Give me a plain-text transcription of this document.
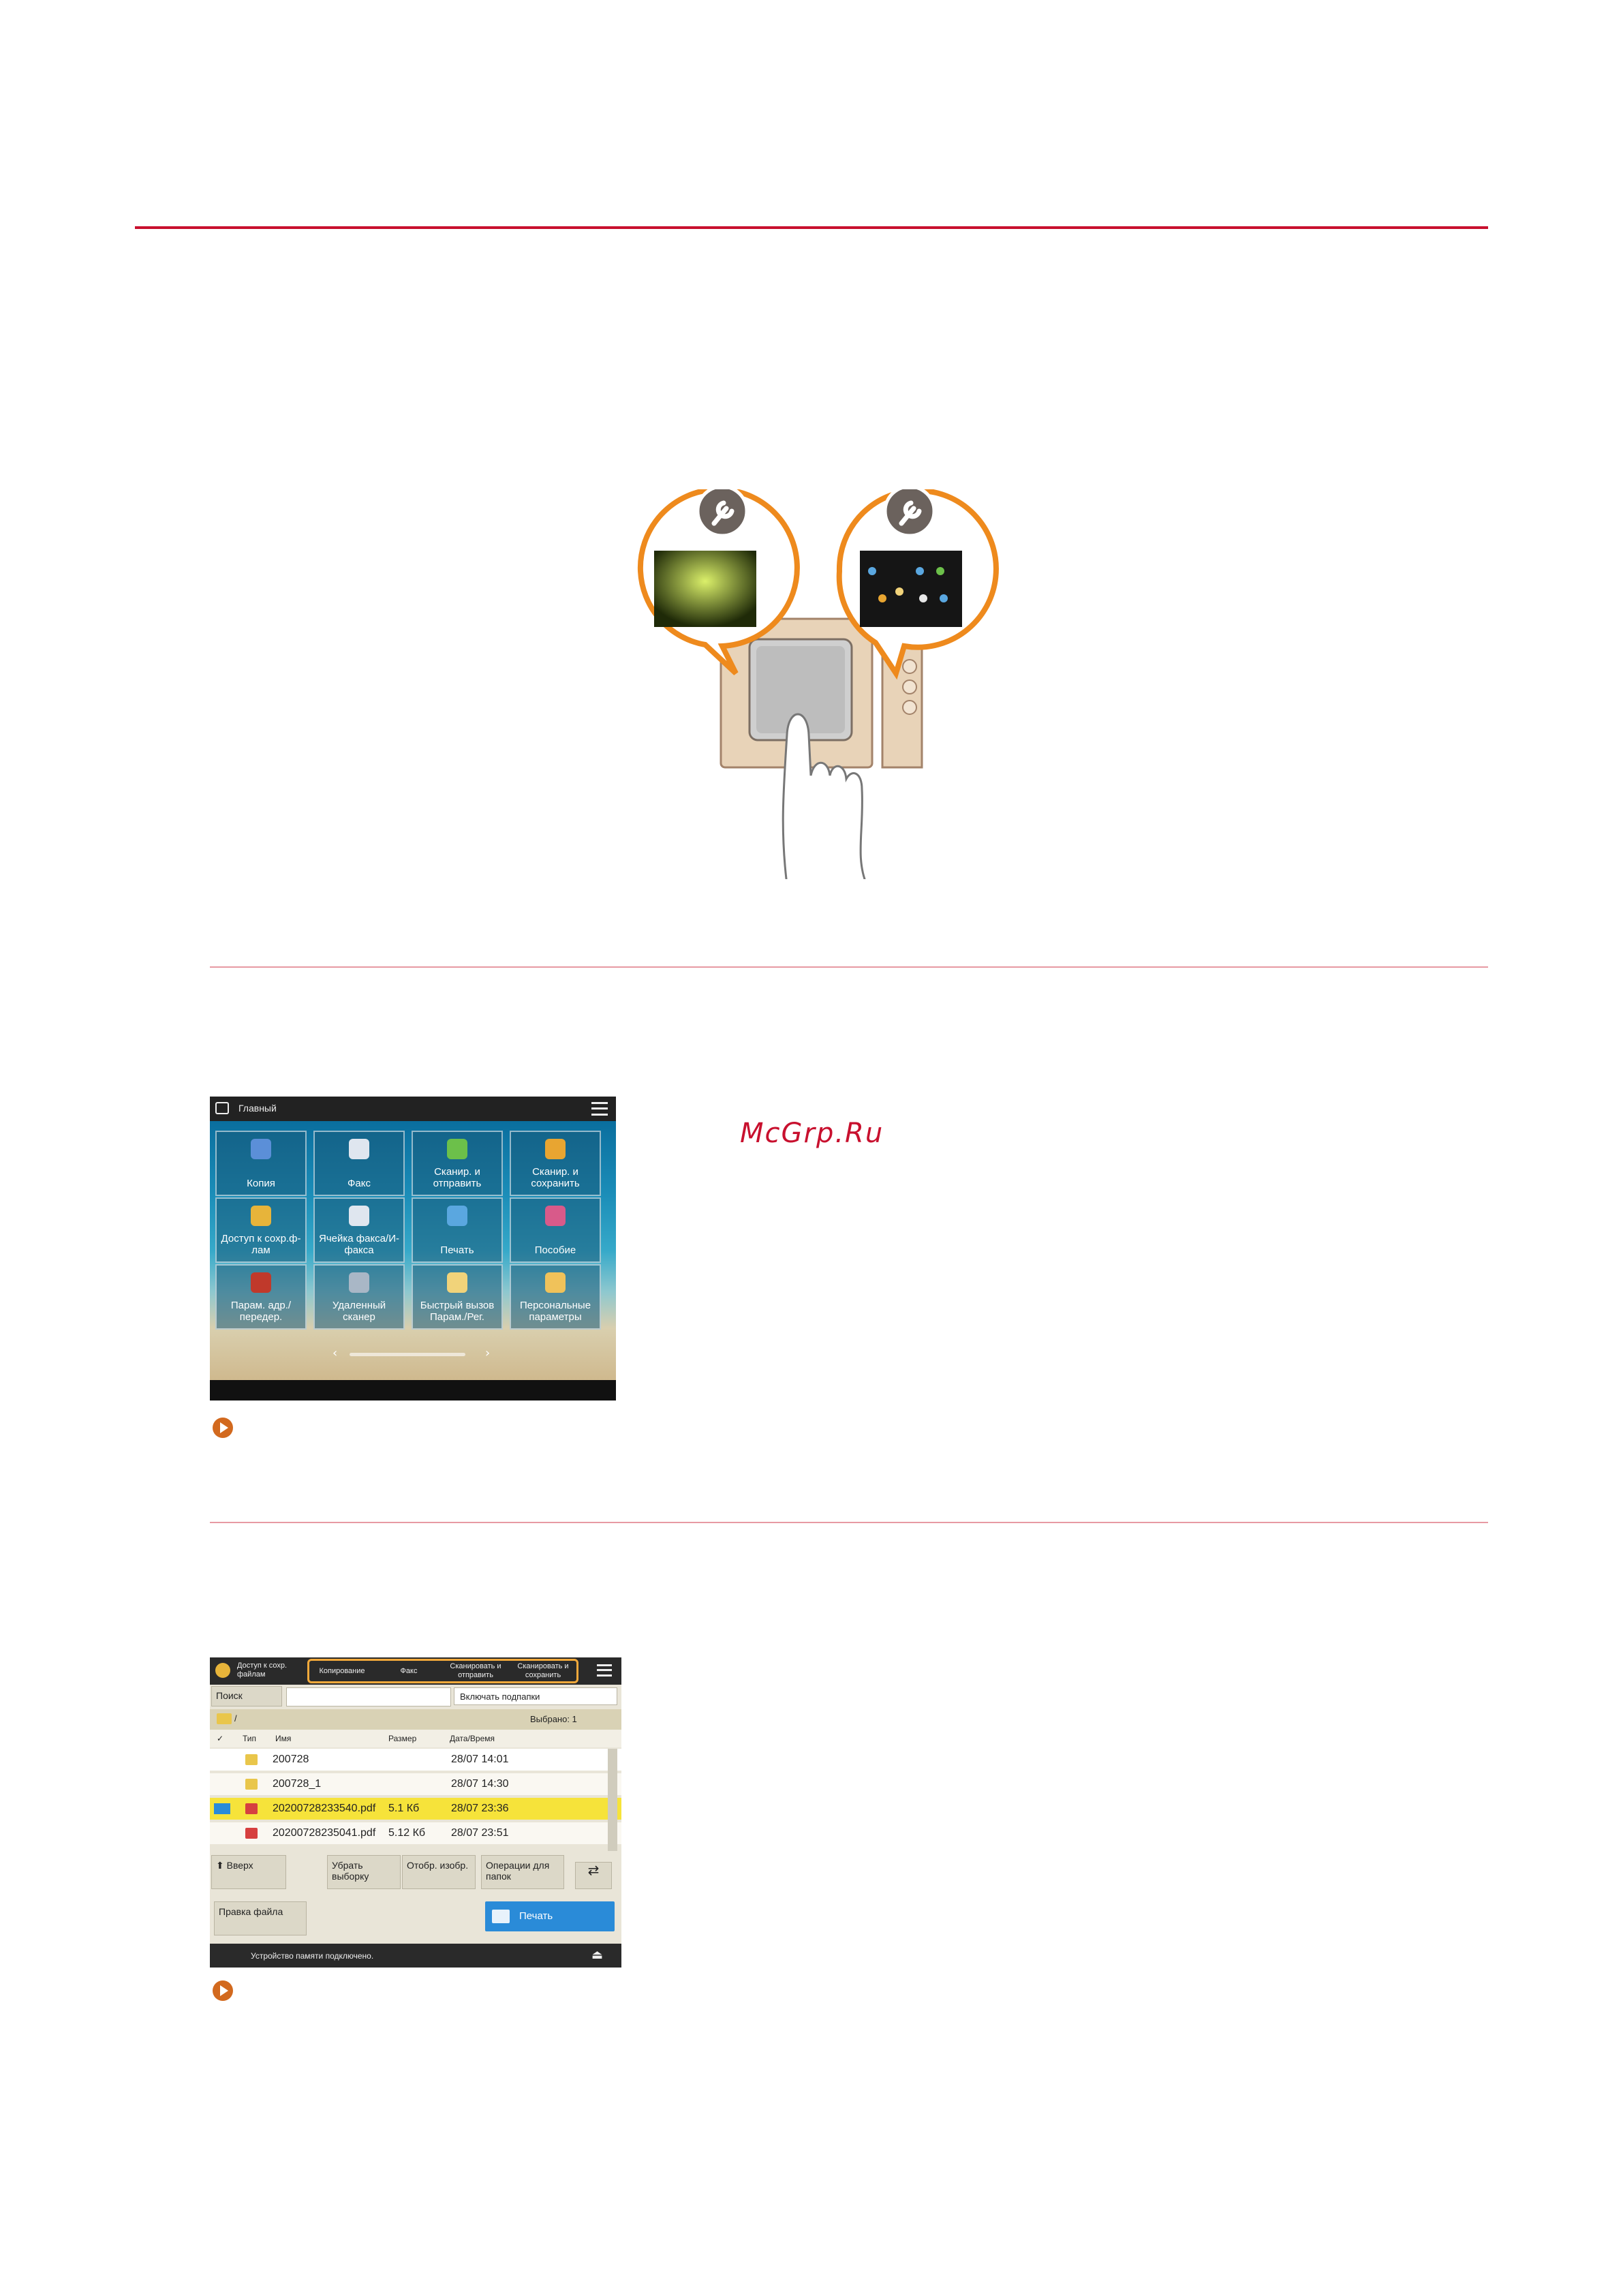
Главный
Копия	Факс
Сканир. и отправить
Сканир. и сохранить
Доступ к сохр.ф-лам
Ячейка факса/И-факса	Печать	Пособие
Парам. адр./ передер.
Удаленный сканер
Быстрый вызов Парам./Рег.
Персональные параметры
‹	›
Доступ к сохр. файлам	Копирование	Факс
Сканировать и отправить
Сканировать и сохранить
Поиск	Включать подпапки
/	Выбрано: 1
✓ Тип Имя	Размер	Дата/Время
200728	28/07 14:01
200728_1	28/07 14:30
20200728233540.pdf 5.1 Кб	28/07 23:36
20200728235041.pdf 5.12 Кб 28/07 23:51
⬆ Вверх	Убрать выборку
Отобр. изобр.	Операции для папок	⇄
Правка файла	Печать
Устройство памяти подключено.	⏏
McGrp.Ru
